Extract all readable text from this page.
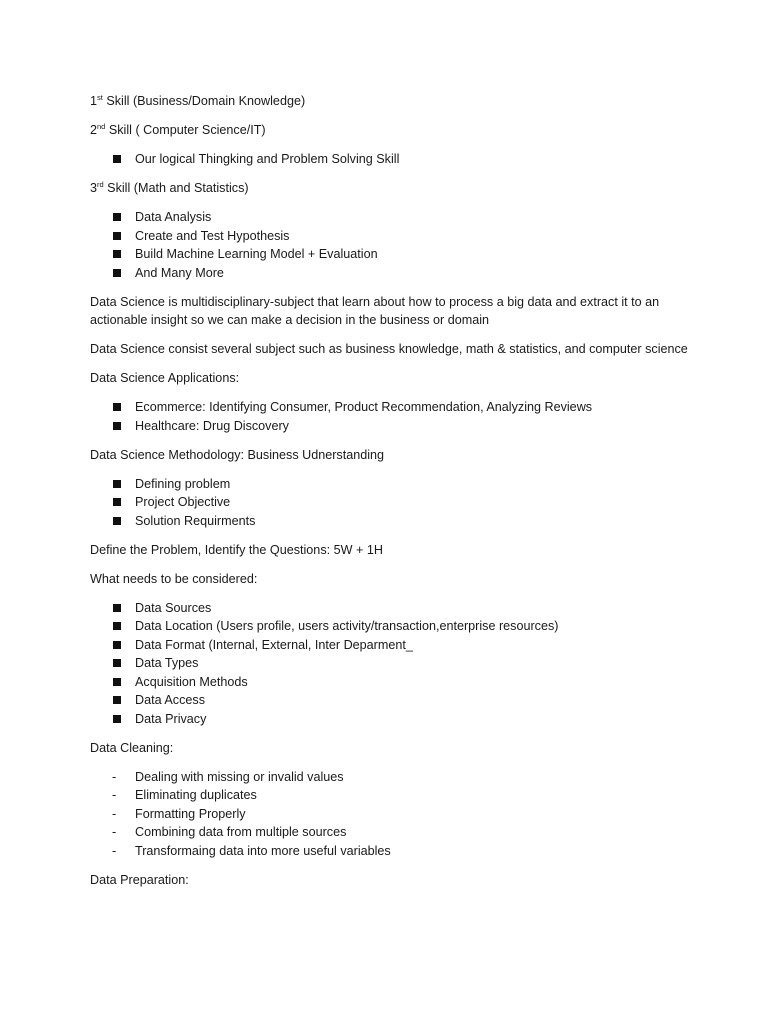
1st Skill (Business/Domain Knowledge)

2nd Skill ( Computer Science/IT)

Our logical Thingking and Problem Solving Skill

3rd Skill (Math and Statistics)

Data Analysis
Create and Test Hypothesis
Build Machine Learning Model + Evaluation
And Many More

Data Science is multidisciplinary-subject that learn about how to process a big data and extract it to an actionable insight so we can make a decision in the business or domain

Data Science consist several subject such as business knowledge, math & statistics, and computer science

Data Science Applications:

Ecommerce: Identifying Consumer, Product Recommendation, Analyzing Reviews
Healthcare: Drug Discovery

Data Science Methodology: Business Udnerstanding

Defining problem
Project Objective
Solution Requirments

Define the Problem, Identify the Questions: 5W + 1H

What needs to be considered:

Data Sources
Data Location (Users profile, users activity/transaction,enterprise resources)
Data Format (Internal, External, Inter Deparment_
Data Types
Acquisition Methods
Data Access
Data Privacy

Data Cleaning:

- Dealing with missing or invalid values
- Eliminating duplicates
- Formatting Properly
- Combining data from multiple sources
- Transformaing data into more useful variables

Data Preparation:
